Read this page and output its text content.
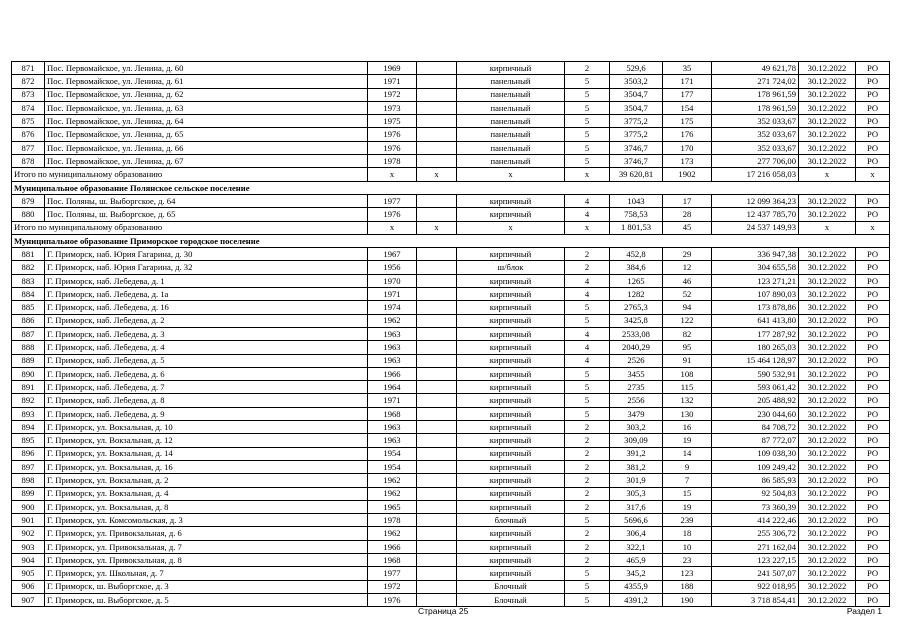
871	Пос. Первомайское, ул. Ленина, д. 60	1969		кирпичный	2	529,6	35	49 621,78	30.12.2022	РО
872	Пос. Первомайское, ул. Ленина, д. 61	1971		панельный	5	3503,2	171	271 724,02	30.12.2022	РО
873	Пос. Первомайское, ул. Ленина, д. 62	1972		панельный	5	3504,7	177	178 961,59	30.12.2022	РО
874	Пос. Первомайское, ул. Ленина, д. 63	1973		панельный	5	3504,7	154	178 961,59	30.12.2022	РО
875	Пос. Первомайское, ул. Ленина, д. 64	1975		панельный	5	3775,2	175	352 033,67	30.12.2022	РО
876	Пос. Первомайское, ул. Ленина, д. 65	1976		панельный	5	3775,2	176	352 033,67	30.12.2022	РО
877	Пос. Первомайское, ул. Ленина, д. 66	1976		панельный	5	3746,7	170	352 033,67	30.12.2022	РО
878	Пос. Первомайское, ул. Ленина, д. 67	1978		панельный	5	3746,7	173	277 706,00	30.12.2022	РО
Итого по муниципальному образованию		х	х	х	х	39 620,81	1902	17 216 058,03	х	х
Муниципальное образование Полянское сельское поселение										
879	Пос. Поляны, ш. Выборгское, д. 64	1977		кирпичный	4	1043	17	12 099 364,23	30.12.2022	РО
880	Пос. Поляны, ш. Выборгское, д. 65	1976		кирпичный	4	758,53	28	12 437 785,70	30.12.2022	РО
Итого по муниципальному образованию		х	х	х	х	1 801,53	45	24 537 149,93	х	х
Муниципальное образование Приморское городское поселение										
881	Г. Приморск, наб. Юрия Гагарина, д. 30	1967		кирпичный	2	452,8	29	336 947,38	30.12.2022	РО
882	Г. Приморск, наб. Юрия Гагарина, д. 32	1956		ш/блок	2	384,6	12	304 655,58	30.12.2022	РО
883	Г. Приморск, наб. Лебедева, д. 1	1970		кирпичный	4	1265	46	123 271,21	30.12.2022	РО
884	Г. Приморск, наб. Лебедева, д. 1а	1971		кирпичный	4	1282	52	107 890,03	30.12.2022	РО
885	Г. Приморск, наб. Лебедева, д. 16	1974		кирпичный	5	2765,3	94	173 878,86	30.12.2022	РО
886	Г. Приморск, наб. Лебедева, д. 2	1962		кирпичный	5	3425,8	122	641 413,80	30.12.2022	РО
887	Г. Приморск, наб. Лебедева, д. 3	1963		кирпичный	4	2533,08	82	177 287,92	30.12.2022	РО
888	Г. Приморск, наб. Лебедева, д. 4	1963		кирпичный	4	2040,29	95	180 265,03	30.12.2022	РО
889	Г. Приморск, наб. Лебедева, д. 5	1963		кирпичный	4	2526	91	15 464 128,97	30.12.2022	РО
890	Г. Приморск, наб. Лебедева, д. 6	1966		кирпичный	5	3455	108	590 532,91	30.12.2022	РО
891	Г. Приморск, наб. Лебедева, д. 7	1964		кирпичный	5	2735	115	593 061,42	30.12.2022	РО
892	Г. Приморск, наб. Лебедева, д. 8	1971		кирпичный	5	2556	132	205 488,92	30.12.2022	РО
893	Г. Приморск, наб. Лебедева, д. 9	1968		кирпичный	5	3479	130	230 044,60	30.12.2022	РО
894	Г. Приморск, ул. Вокзальная, д. 10	1963		кирпичный	2	303,2	16	84 708,72	30.12.2022	РО
895	Г. Приморск, ул. Вокзальная, д. 12	1963		кирпичный	2	309,09	19	87 772,07	30.12.2022	РО
896	Г. Приморск, ул. Вокзальная, д. 14	1954		кирпичный	2	391,2	14	109 038,30	30.12.2022	РО
897	Г. Приморск, ул. Вокзальная, д. 16	1954		кирпичный	2	381,2	9	109 249,42	30.12.2022	РО
898	Г. Приморск, ул. Вокзальная, д. 2	1962		кирпичный	2	301,9	7	86 585,93	30.12.2022	РО
899	Г. Приморск, ул. Вокзальная, д. 4	1962		кирпичный	2	305,3	15	92 504,83	30.12.2022	РО
900	Г. Приморск, ул. Вокзальная, д. 8	1965		кирпичный	2	317,6	19	73 360,39	30.12.2022	РО
901	Г. Приморск, ул. Комсомольская, д. 3	1978		блочный	5	5696,6	239	414 222,46	30.12.2022	РО
902	Г. Приморск, ул. Привокзальная, д. 6	1962		кирпичный	2	306,4	18	255 306,72	30.12.2022	РО
903	Г. Приморск, ул. Привокзальная, д. 7	1966		кирпичный	2	322,1	10	271 162,04	30.12.2022	РО
904	Г. Приморск, ул. Привокзальная, д. 8	1968		кирпичный	2	465,9	23	123 227,15	30.12.2022	РО
905	Г. Приморск, ул. Школьная, д. 7	1977		кирпичный	5	345,2	123	241 507,07	30.12.2022	РО
906	Г. Приморск, ш. Выборгское, д. 3	1972		Блочный	5	4355,9	188	922 018,95	30.12.2022	РО
907	Г. Приморск, ш. Выборгское, д. 5	1976		Блочный	5	4391,2	190	3 718 854,41	30.12.2022	РО
Страница 25	Раздел 1
